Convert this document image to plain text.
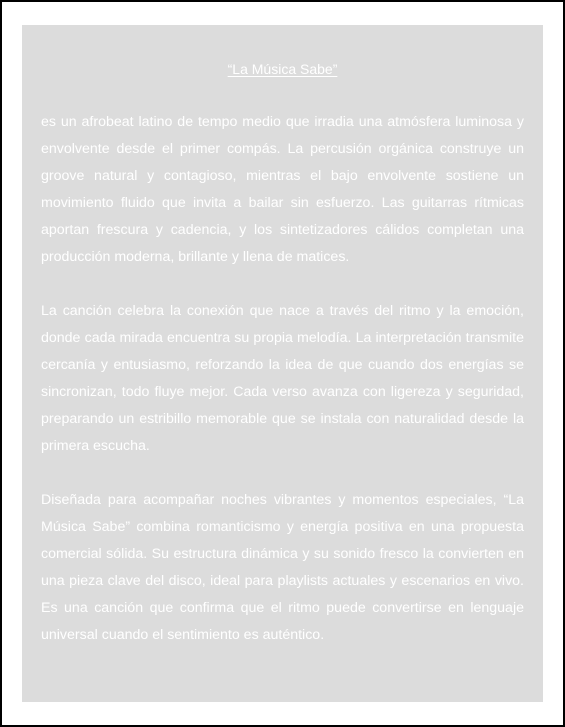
“La Música Sabe”

es un afrobeat latino de tempo medio que irradia una atmósfera luminosa y envolvente desde el primer compás. La percusión orgánica construye un groove natural y contagioso, mientras el bajo envolvente sostiene un movimiento fluido que invita a bailar sin esfuerzo. Las guitarras rítmicas aportan frescura y cadencia, y los sintetizadores cálidos completan una producción moderna, brillante y llena de matices.

La canción celebra la conexión que nace a través del ritmo y la emoción, donde cada mirada encuentra su propia melodía. La interpretación transmite cercanía y entusiasmo, reforzando la idea de que cuando dos energías se sincronizan, todo fluye mejor. Cada verso avanza con ligereza y seguridad, preparando un estribillo memorable que se instala con naturalidad desde la primera escucha.

Diseñada para acompañar noches vibrantes y momentos especiales, “La Música Sabe” combina romanticismo y energía positiva en una propuesta comercial sólida. Su estructura dinámica y su sonido fresco la convierten en una pieza clave del disco, ideal para playlists actuales y escenarios en vivo. Es una canción que confirma que el ritmo puede convertirse en lenguaje universal cuando el sentimiento es auténtico.
